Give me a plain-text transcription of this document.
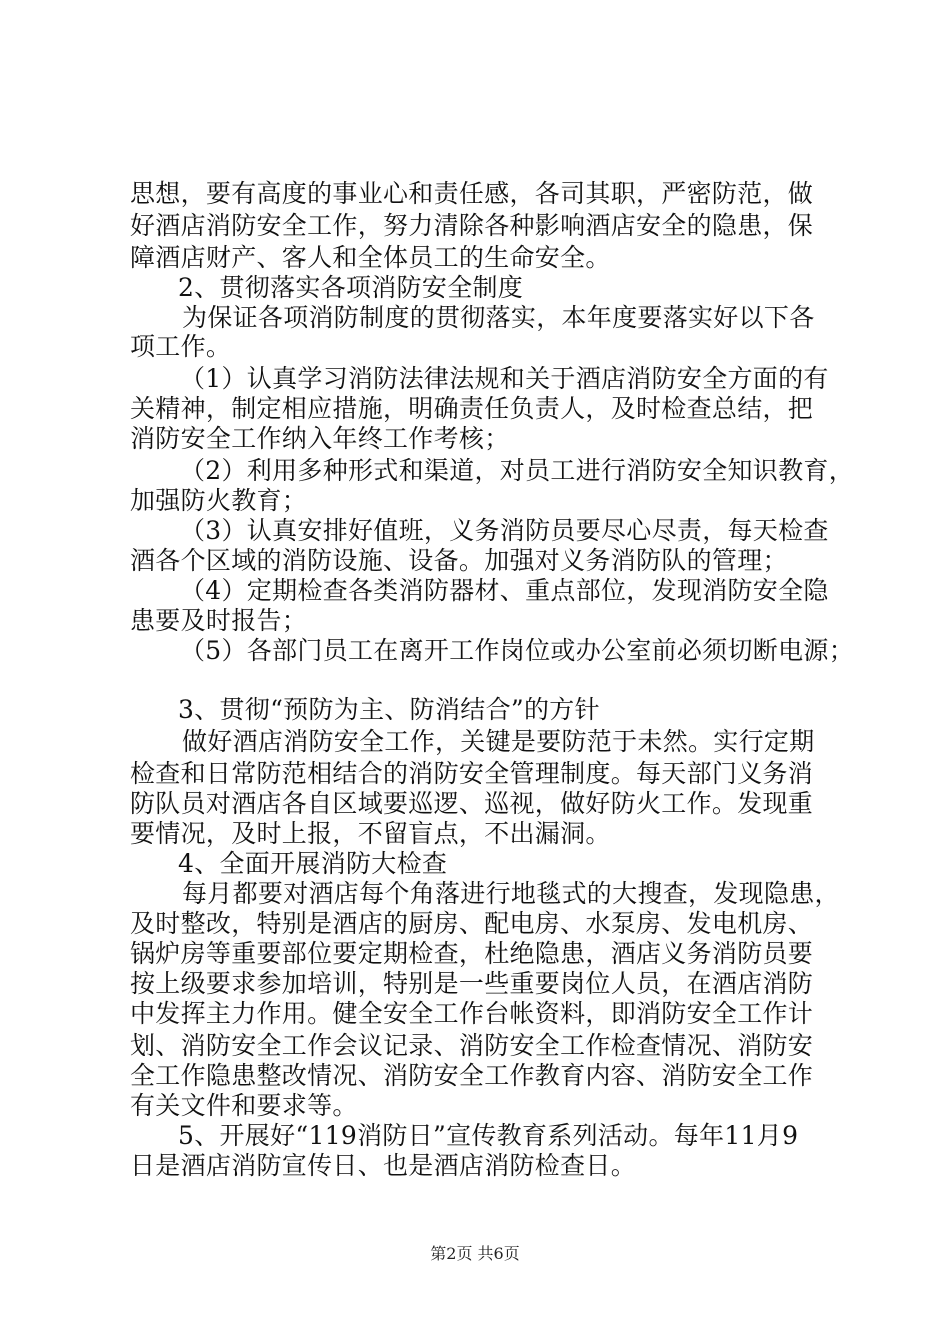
思想，要有高度的事业心和责任感，各司其职，严密防范，做
好酒店消防安全工作，努力清除各种影响酒店安全的隐患，保
障酒店财产、客人和全体员工的生命安全。
2、贯彻落实各项消防安全制度
为保证各项消防制度的贯彻落实，本年度要落实好以下各
项工作。
（1）认真学习消防法律法规和关于酒店消防安全方面的有
关精神，制定相应措施，明确责任负责人，及时检查总结，把
消防安全工作纳入年终工作考核；
（2）利用多种形式和渠道，对员工进行消防安全知识教育，
加强防火教育；
（3）认真安排好值班，义务消防员要尽心尽责，每天检查
酒各个区域的消防设施、设备。加强对义务消防队的管理；
（4）定期检查各类消防器材、重点部位，发现消防安全隐
患要及时报告；
（5）各部门员工在离开工作岗位或办公室前必须切断电源；
3、贯彻“预防为主、防消结合”的方针
做好酒店消防安全工作，关键是要防范于未然。实行定期
检查和日常防范相结合的消防安全管理制度。每天部门义务消
防队员对酒店各自区域要巡逻、巡视，做好防火工作。发现重
要情况，及时上报，不留盲点，不出漏洞。
4、全面开展消防大检查
每月都要对酒店每个角落进行地毯式的大搜查，发现隐患，
及时整改，特别是酒店的厨房、配电房、水泵房、发电机房、
锅炉房等重要部位要定期检查，杜绝隐患，酒店义务消防员要
按上级要求参加培训，特别是一些重要岗位人员，在酒店消防
中发挥主力作用。健全安全工作台帐资料，即消防安全工作计
划、消防安全工作会议记录、消防安全工作检查情况、消防安
全工作隐患整改情况、消防安全工作教育内容、消防安全工作
有关文件和要求等。
5、开展好“119消防日”宣传教育系列活动。每年11月9
日是酒店消防宣传日、也是酒店消防检查日。
第2页 共6页
